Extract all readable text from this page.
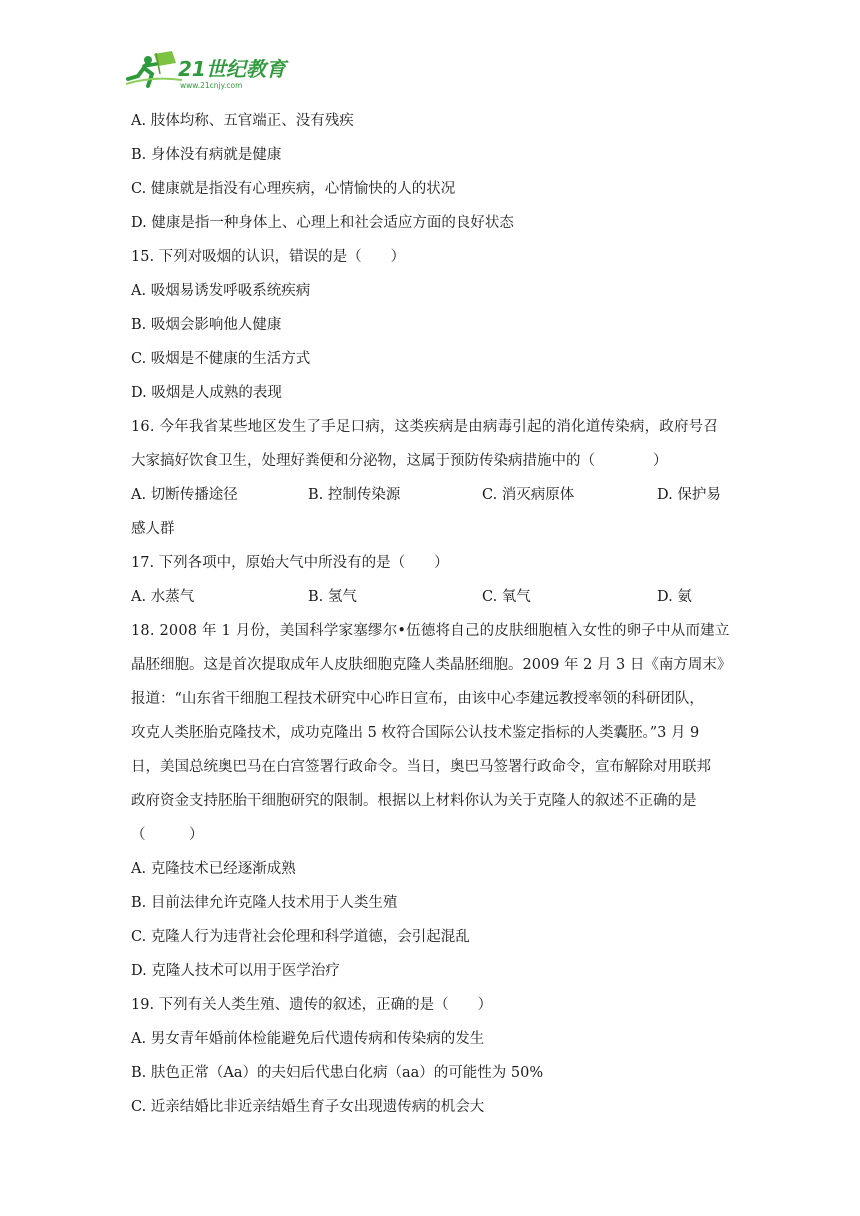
21世纪教育
www.21cnjy.com
A. 肢体均称、五官端正、没有残疾
B. 身体没有病就是健康
C. 健康就是指没有心理疾病，心情愉快的人的状况
D. 健康是指一种身体上、心理上和社会适应方面的良好状态
15. 下列对吸烟的认识，错误的是（　　）
A. 吸烟易诱发呼吸系统疾病
B. 吸烟会影响他人健康
C. 吸烟是不健康的生活方式
D. 吸烟是人成熟的表现
16. 今年我省某些地区发生了手足口病，这类疾病是由病毒引起的消化道传染病，政府号召
大家搞好饮食卫生，处理好粪便和分泌物，这属于预防传染病措施中的（　　　　）
A. 切断传播途径	B. 控制传染源	C. 消灭病原体	D. 保护易
感人群
17. 下列各项中，原始大气中所没有的是（　　）
A. 水蒸气	B. 氢气	C. 氧气	D. 氨
18. 2008 年 1 月份，美国科学家塞缪尔•伍德将自己的皮肤细胞植入女性的卵子中从而建立
晶胚细胞。这是首次提取成年人皮肤细胞克隆人类晶胚细胞。2009 年 2 月 3 日《南方周末》
报道：“山东省干细胞工程技术研究中心昨日宣布，由该中心李建远教授率领的科研团队，
攻克人类胚胎克隆技术，成功克隆出 5 枚符合国际公认技术鉴定指标的人类囊胚。”3 月 9
日，美国总统奥巴马在白宫签署行政命令。当日，奥巴马签署行政命令，宣布解除对用联邦
政府资金支持胚胎干细胞研究的限制。根据以上材料你认为关于克隆人的叙述不正确的是
（　　　）
A. 克隆技术已经逐渐成熟
B. 目前法律允许克隆人技术用于人类生殖
C. 克隆人行为违背社会伦理和科学道德，会引起混乱
D. 克隆人技术可以用于医学治疗
19. 下列有关人类生殖、遗传的叙述，正确的是（　　）
A. 男女青年婚前体检能避免后代遗传病和传染病的发生
B. 肤色正常（Aa）的夫妇后代患白化病（aa）的可能性为 50%
C. 近亲结婚比非近亲结婚生育子女出现遗传病的机会大
